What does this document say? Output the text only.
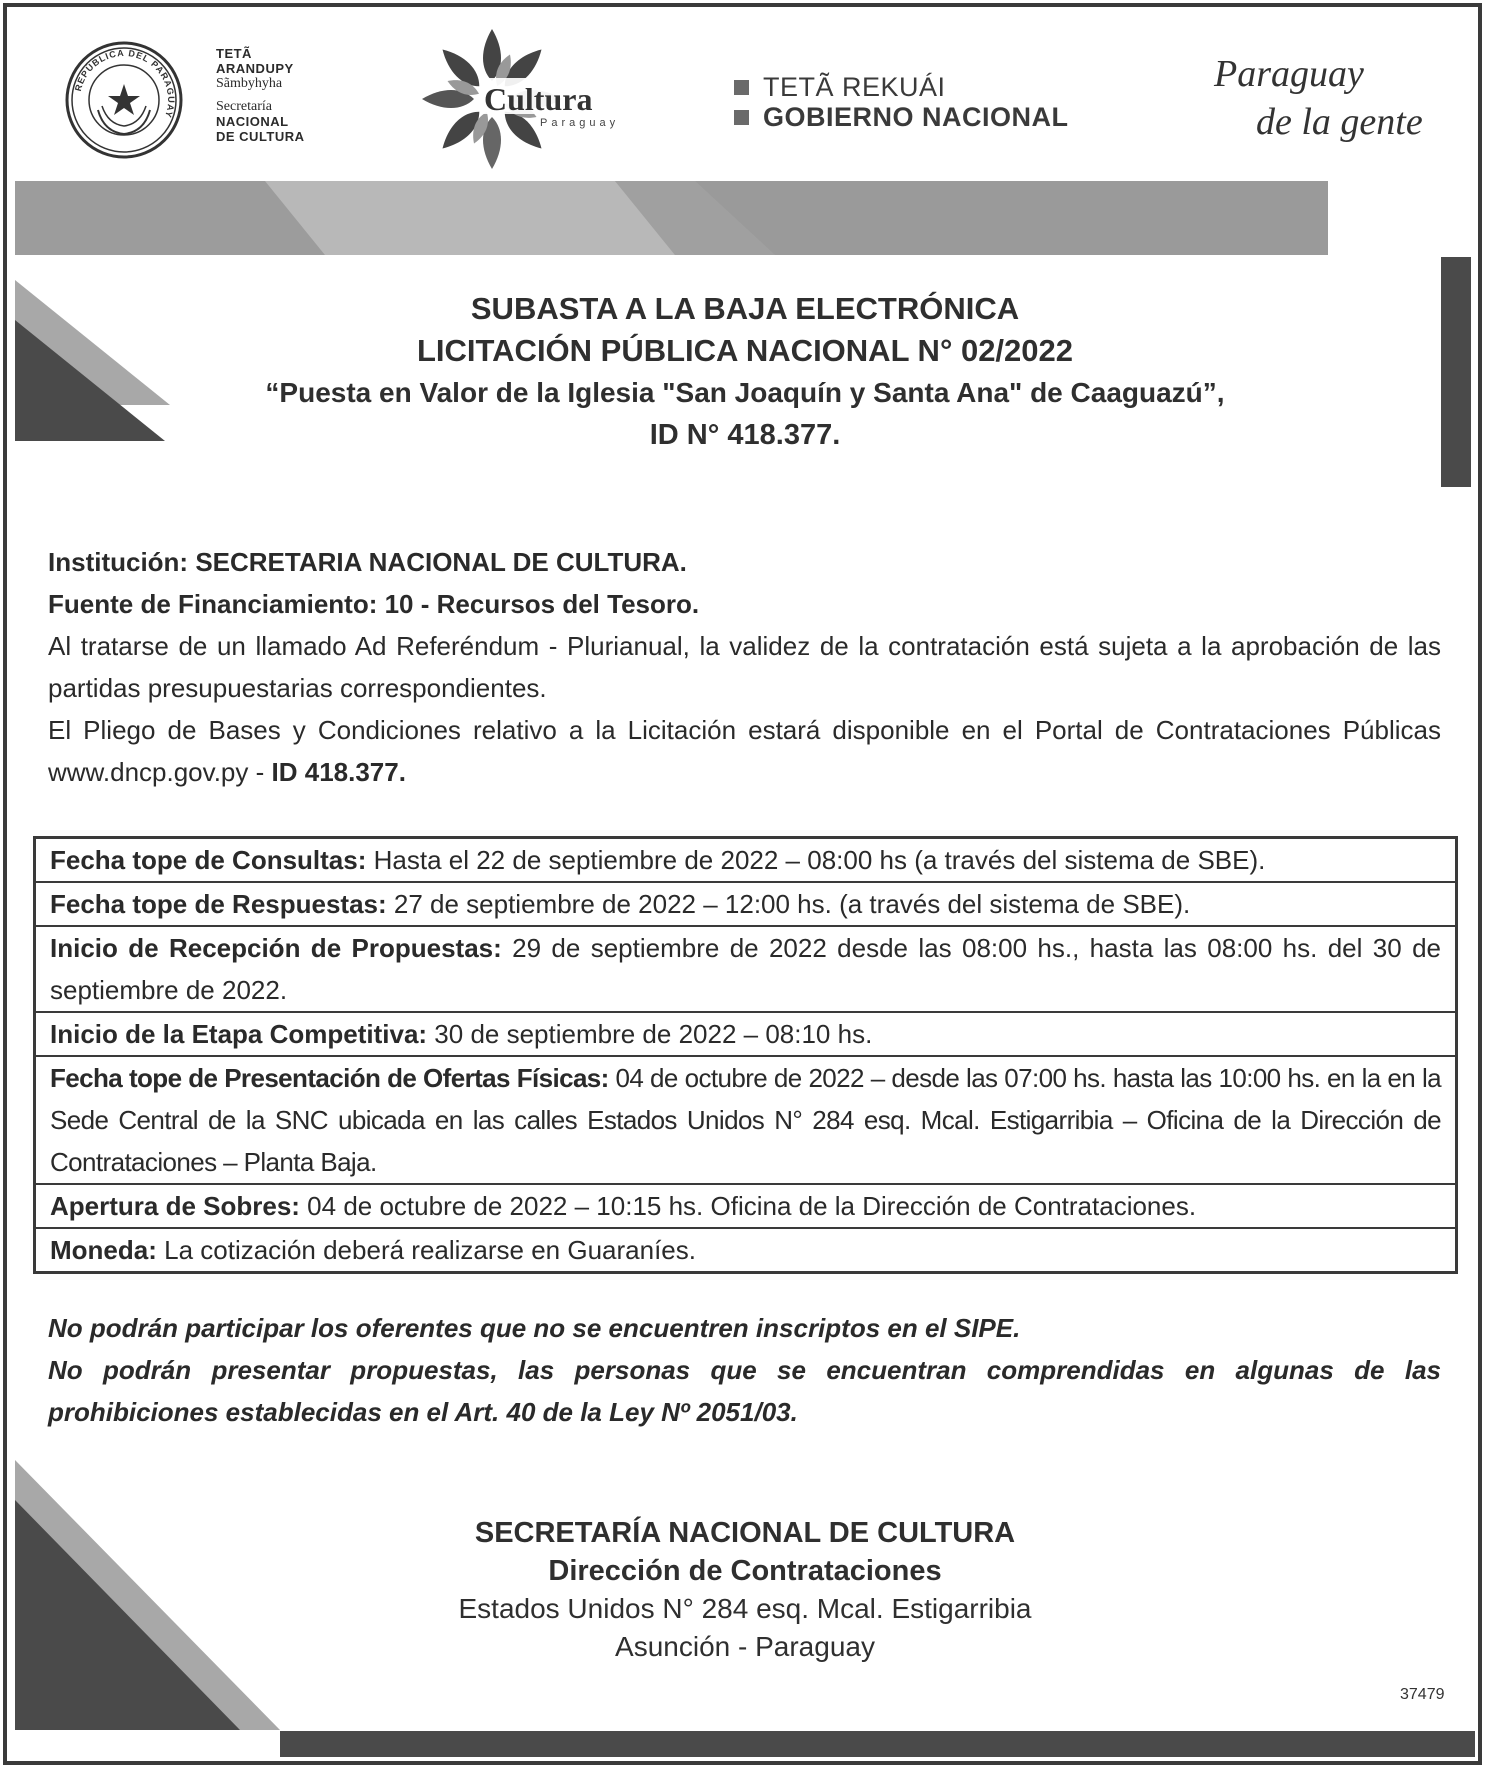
REPÚBLICA DEL PARAGUAY
TETÃ
ARANDUPY
Sãmbyhyha
Secretaría
NACIONAL
DE CULTURA
Cultura
Paraguay
TETÃ REKUÁI
GOBIERNO NACIONAL
Paraguay
de la gente
SUBASTA A LA BAJA ELECTRÓNICA
LICITACIÓN PÚBLICA NACIONAL N° 02/2022
“Puesta en Valor de la Iglesia "San Joaquín y Santa Ana" de Caaguazú”,
ID N° 418.377.
Institución: SECRETARIA NACIONAL DE CULTURA.
Fuente de Financiamiento: 10 - Recursos del Tesoro.
Al tratarse de un llamado Ad Referéndum - Plurianual, la validez de la contratación está sujeta a la aprobación de las partidas presupuestarias correspondientes.
El Pliego de Bases y Condiciones relativo a la Licitación estará disponible en el Portal de Contrataciones Públicas www.dncp.gov.py - ID 418.377.
Fecha tope de Consultas: Hasta el 22 de septiembre de 2022 – 08:00 hs (a través del sistema de SBE).
Fecha tope de Respuestas: 27 de septiembre de 2022 – 12:00 hs. (a través del sistema de SBE).
Inicio de Recepción de Propuestas: 29 de septiembre de 2022 desde las 08:00 hs., hasta las 08:00 hs. del 30 de septiembre de 2022.
Inicio de la Etapa Competitiva: 30 de septiembre de 2022 – 08:10 hs.
Fecha tope de Presentación de Ofertas Físicas: 04 de octubre de 2022 – desde las 07:00 hs. hasta las 10:00 hs. en la en la Sede Central de la SNC ubicada en las calles Estados Unidos N° 284 esq. Mcal. Estigarribia – Oficina de la Dirección de Contrataciones – Planta Baja.
Apertura de Sobres: 04 de octubre de 2022 – 10:15 hs. Oficina de la Dirección de Contrataciones.
Moneda: La cotización deberá realizarse en Guaraníes.
No podrán participar los oferentes que no se encuentren inscriptos en el SIPE.
No podrán presentar propuestas, las personas que se encuentran comprendidas en algunas de las prohibiciones establecidas en el Art. 40 de la Ley Nº 2051/03.
SECRETARÍA NACIONAL DE CULTURA
Dirección de Contrataciones
Estados Unidos N° 284 esq. Mcal. Estigarribia
Asunción - Paraguay
37479
